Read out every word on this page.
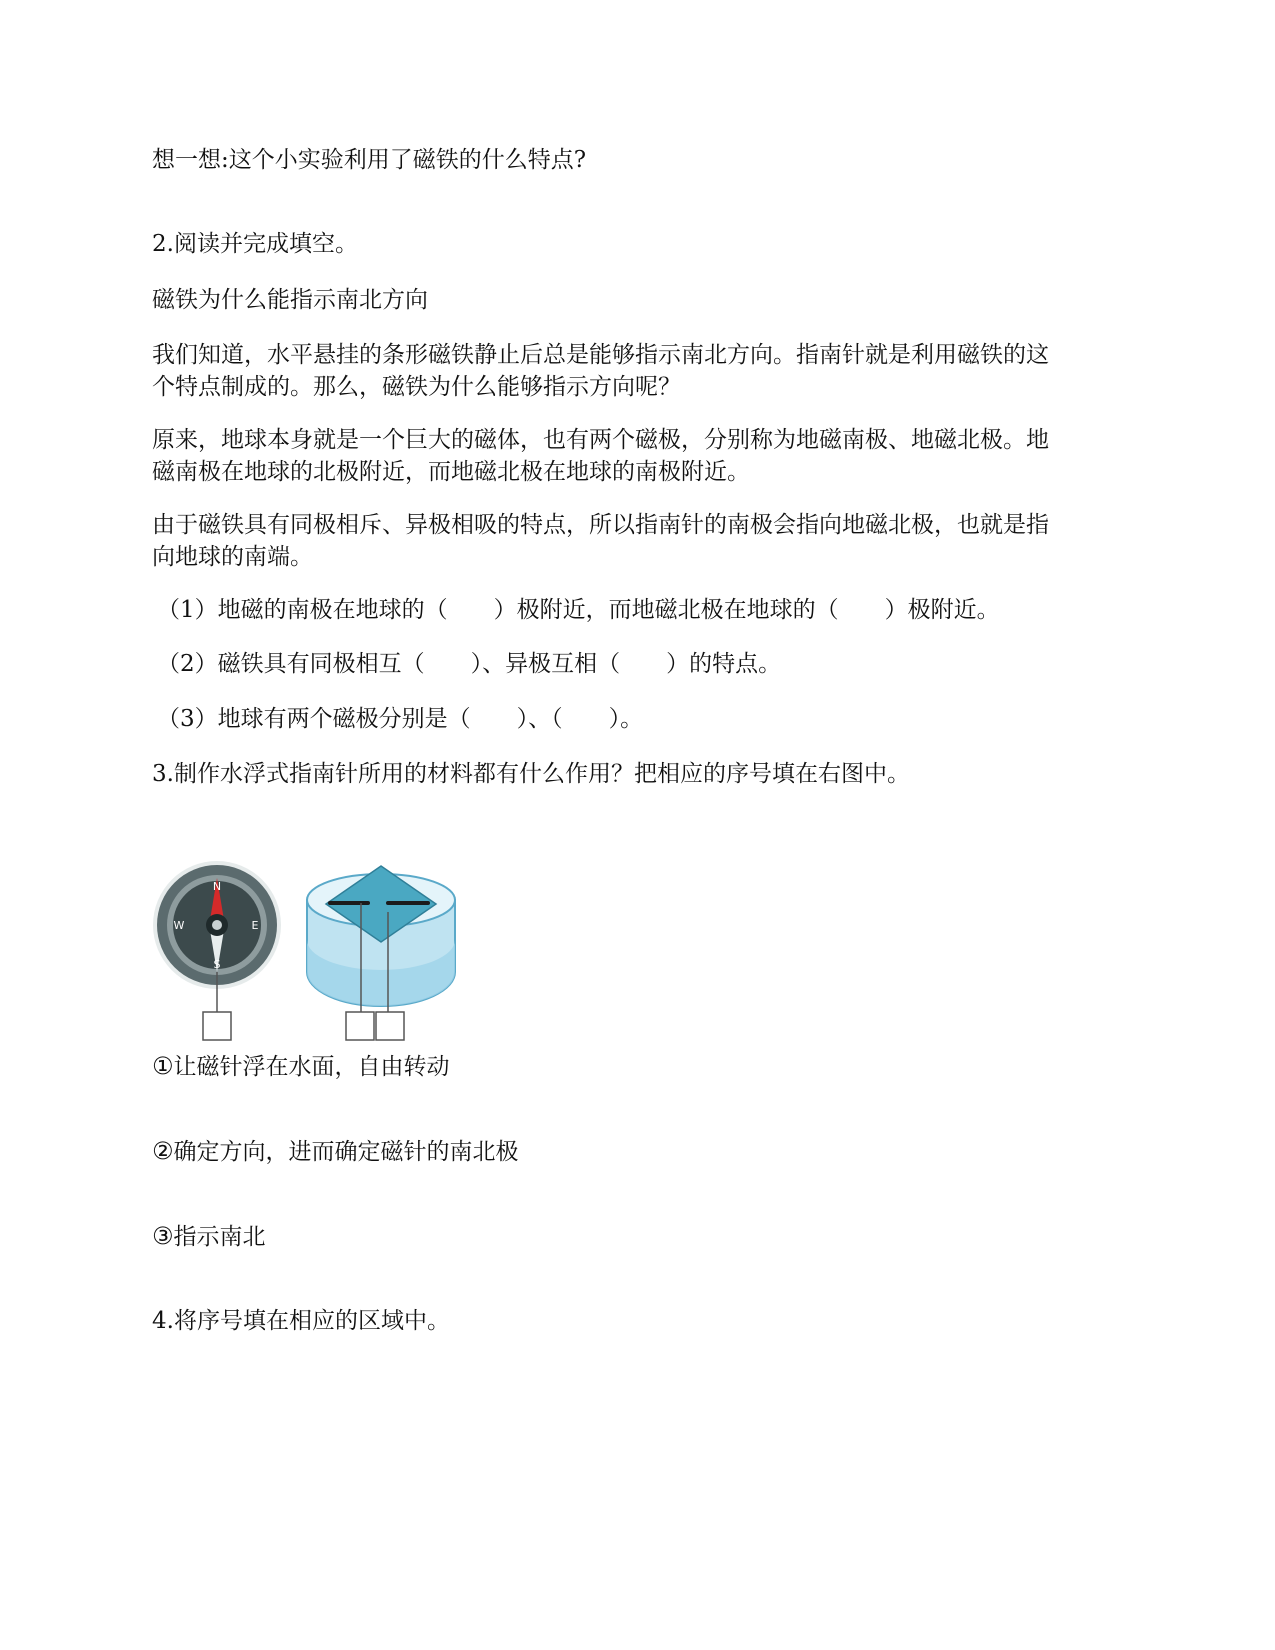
想一想:这个小实验利用了磁铁的什么特点?
2.阅读并完成填空。
磁铁为什么能指示南北方向
我们知道，水平悬挂的条形磁铁静止后总是能够指示南北方向。指南针就是利用磁铁的这
个特点制成的。那么，磁铁为什么能够指示方向呢？
原来，地球本身就是一个巨大的磁体，也有两个磁极，分别称为地磁南极、地磁北极。地
磁南极在地球的北极附近，而地磁北极在地球的南极附近。
由于磁铁具有同极相斥、异极相吸的特点，所以指南针的南极会指向地磁北极，也就是指
向地球的南端。
（1）地磁的南极在地球的（　　）极附近，而地磁北极在地球的（　　）极附近。
（2）磁铁具有同极相互（　　）、异极互相（　　）的特点。
（3）地球有两个磁极分别是（　　）、（　　）。
3.制作水浮式指南针所用的材料都有什么作用？把相应的序号填在右图中。
N
E
S
W
①让磁针浮在水面，自由转动
②确定方向，进而确定磁针的南北极
③指示南北
4.将序号填在相应的区域中。
